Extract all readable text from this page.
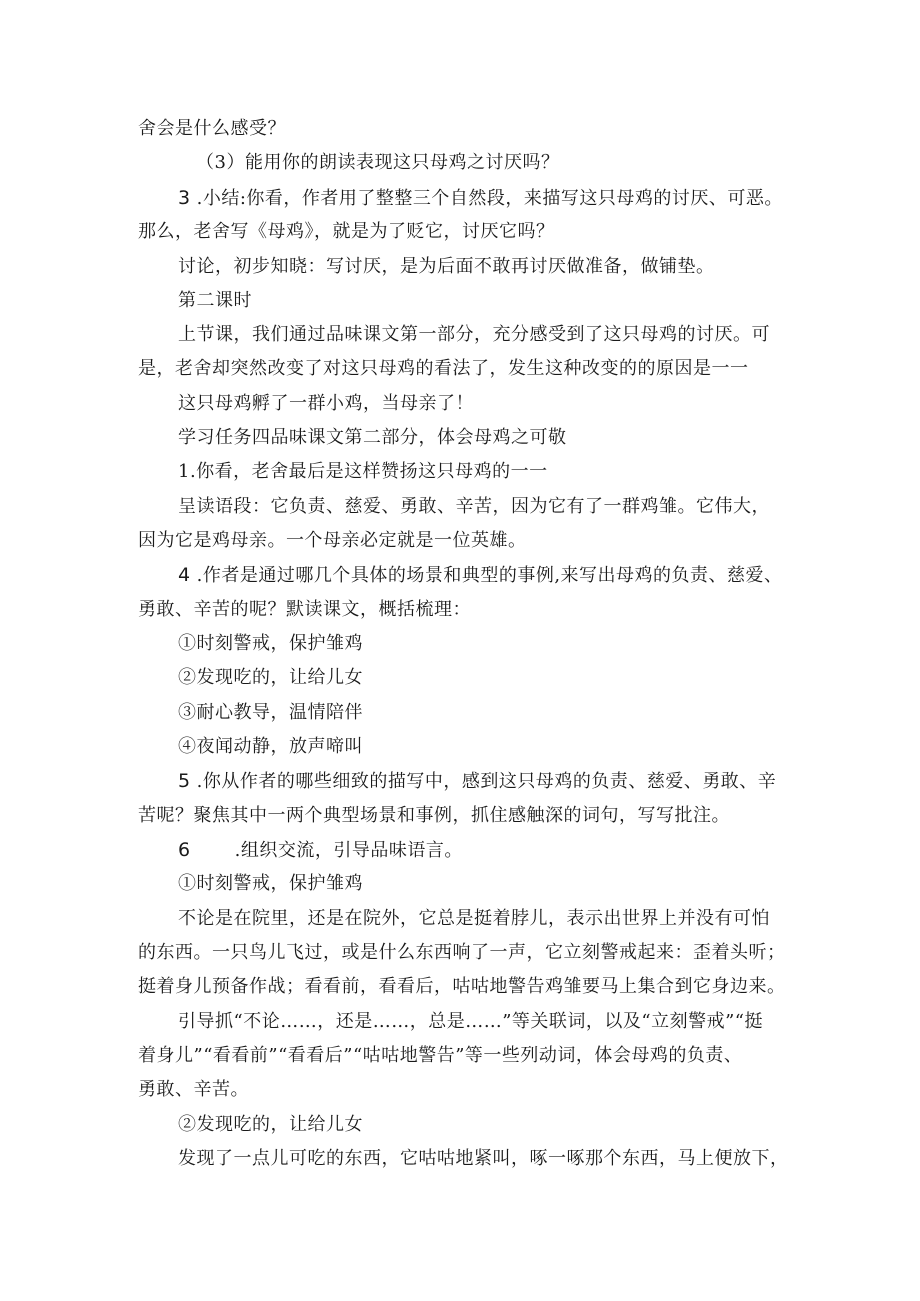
舍会是什么感受？
（3）能用你的朗读表现这只母鸡之讨厌吗？
3 .小结:你看，作者用了整整三个自然段，来描写这只母鸡的讨厌、可恶。
那么，老舍写《母鸡》，就是为了贬它，讨厌它吗？
讨论，初步知晓：写讨厌，是为后面不敢再讨厌做准备，做铺垫。
第二课时
上节课，我们通过品味课文第一部分，充分感受到了这只母鸡的讨厌。可
是，老舍却突然改变了对这只母鸡的看法了，发生这种改变的的原因是一一
这只母鸡孵了一群小鸡，当母亲了！
学习任务四品味课文第二部分，体会母鸡之可敬
1.你看，老舍最后是这样赞扬这只母鸡的一一
呈读语段：它负责、慈爱、勇敢、辛苦，因为它有了一群鸡雏。它伟大，
因为它是鸡母亲。一个母亲必定就是一位英雄。
4 .作者是通过哪几个具体的场景和典型的事例,来写出母鸡的负责、慈爱、
勇敢、辛苦的呢？默读课文，概括梳理：
①时刻警戒，保护雏鸡
②发现吃的，让给儿女
③耐心教导，温情陪伴
④夜闻动静，放声啼叫
5 .你从作者的哪些细致的描写中，感到这只母鸡的负责、慈爱、勇敢、辛
苦呢？聚焦其中一两个典型场景和事例，抓住感触深的词句，写写批注。
6 .组织交流，引导品味语言。
①时刻警戒，保护雏鸡
不论是在院里，还是在院外，它总是挺着脖儿，表示出世界上并没有可怕
的东西。一只鸟儿飞过，或是什么东西响了一声，它立刻警戒起来：歪着头听；
挺着身儿预备作战；看看前，看看后，咕咕地警告鸡雏要马上集合到它身边来。
引导抓“不论……，还是……，总是……”等关联词，以及“立刻警戒”“挺
着身儿”“看看前”“看看后”“咕咕地警告”等一些列动词，体会母鸡的负责、
勇敢、辛苦。
②发现吃的，让给儿女
发现了一点儿可吃的东西，它咕咕地紧叫，啄一啄那个东西，马上便放下，
